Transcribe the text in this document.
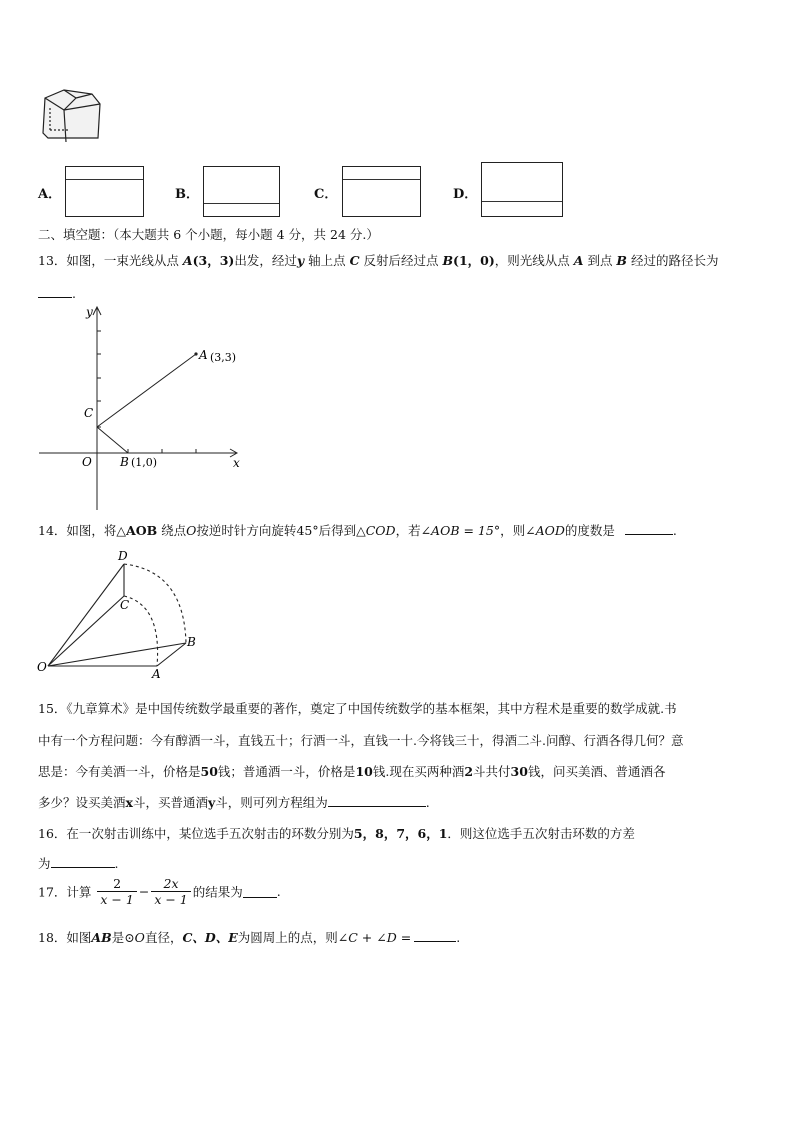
A．	B．	C．	D．
二、填空题：（本大题共 6 个小题，每小题 4 分，共 24 分.）
13．如图，一束光线从点 A(3，3)出发，经过y 轴上点 C 反射后经过点 B(1，0)，则光线从点 A 到点 B 经过的路径长为
.
y
x
O
C
A (3,3)
B (1,0)
14．如图，将△AOB 绕点O按逆时针方向旋转45°后得到△COD，若∠AOB = 15°，则∠AOD的度数是	.
D
C
B
O	A
15．《九章算术》是中国传统数学最重要的著作，奠定了中国传统数学的基本框架，其中方程术是重要的数学成就.书
中有一个方程问题：今有醇酒一斗，直钱五十；行酒一斗，直钱一十.今将钱三十，得酒二斗.问醇、行酒各得几何？意
思是：今有美酒一斗，价格是50钱；普通酒一斗，价格是10钱.现在买两种酒2斗共付30钱，问买美酒、普通酒各
多少？设买美酒x斗，买普通酒y斗，则可列方程组为	.
16．在一次射击训练中，某位选手五次射击的环数分别为5，8，7，6，1．则这位选手五次射击环数的方差
为	.
17．计算 $\frac{2}{x - 1} - \frac{2x}{x - 1}$ 的结果为	.
18．如图AB是⊙O直径，C、D、E为圆周上的点，则∠C + ∠D =	.
